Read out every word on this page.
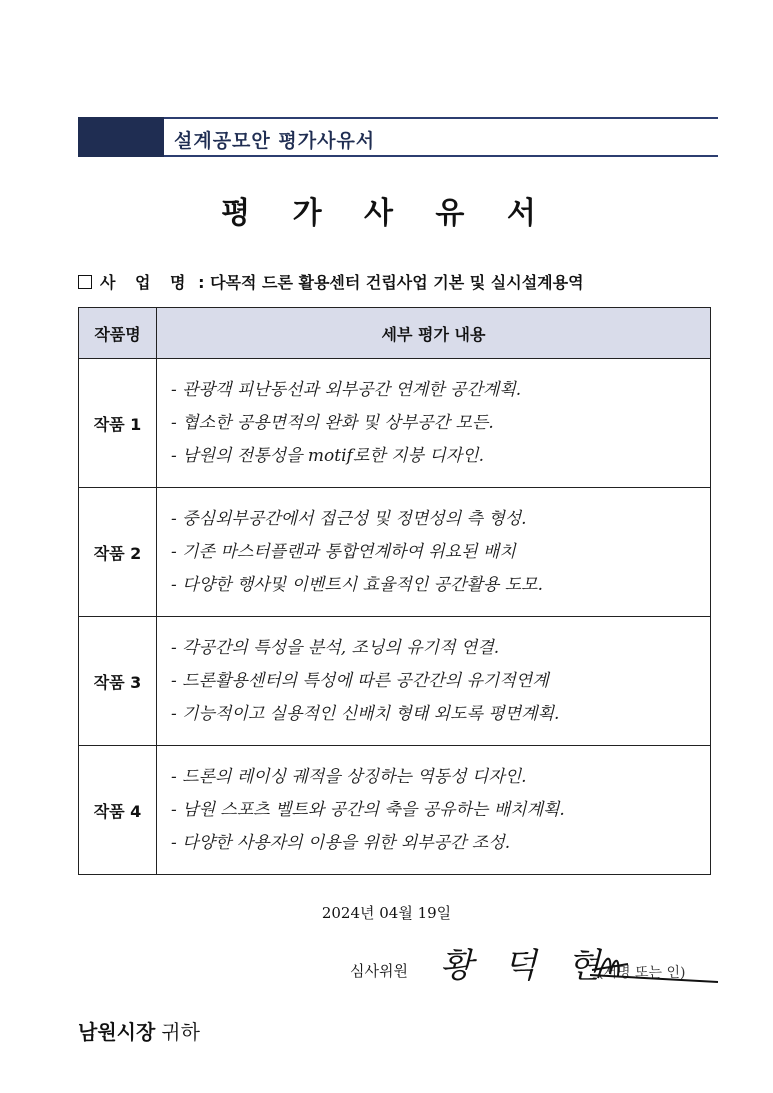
설계공모안 평가사유서
평 가 사 유 서
사 업 명 : 다목적 드론 활용센터 건립사업 기본 및 실시설계용역
작품명	세부 평가 내용
작품 1	- 관광객 피난동선과 외부공간 연계한 공간계획.
- 협소한 공용면적의 완화 및 상부공간 모든.
- 남원의 전통성을 motif로한 지붕 디자인.

작품 2	- 중심외부공간에서 접근성 및 정면성의 측 형성.
- 기존 마스터플랜과 통합연계하여 위요된 배치
- 다양한 행사및 이벤트시 효율적인 공간활용 도모.

작품 3	- 각공간의 특성을 분석, 조닝의 유기적 연결.
- 드론활용센터의 특성에 따른 공간간의 유기적연계
- 기능적이고 실용적인 신배치 형태 외도록 평면계획.

작품 4	- 드론의 레이싱 궤적을 상징하는 역동성 디자인.
- 남원 스포츠 벨트와 공간의 축을 공유하는 배치계획.
- 다양한 사용자의 이용을 위한 외부공간 조성.
2024년 04월 19일
심사위원 황 덕 현
(서명 또는 인)
남원시장 귀하
